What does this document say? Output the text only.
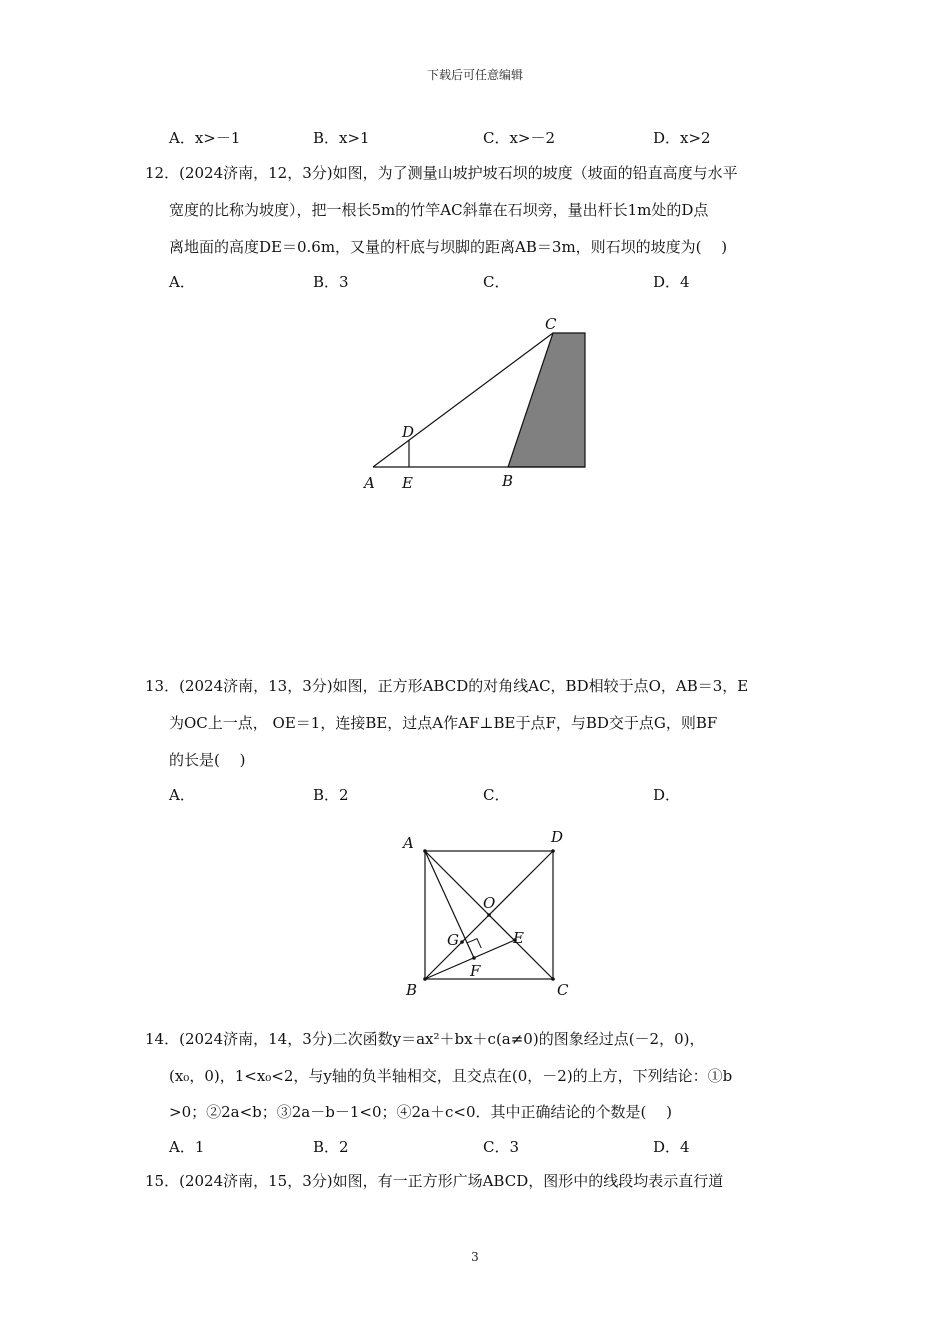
下载后可任意编辑
A．x>－1	B．x>1	C．x>－2	D．x>2
12．(2024济南，12，3分)如图，为了测量山坡护坡石坝的坡度（坡面的铅直高度与水平
宽度的比称为坡度），把一根长5m的竹竿AC斜靠在石坝旁，量出杆长1m处的D点
离地面的高度DE＝0.6m，又量的杆底与坝脚的距离AB＝3m，则石坝的坡度为(　 )
A．	B．3	C．	D．4
C
D
A E	B
13．(2024济南，13，3分)如图，正方形ABCD的对角线AC，BD相较于点O，AB＝3，E
为OC上一点， OE＝1，连接BE，过点A作AF⊥BE于点F，与BD交于点G，则BF
的长是(　 )
A．	B．2	C．	D．
A	D
B	C
O
G	E
F
14．(2024济南，14，3分)二次函数y＝ax²＋bx＋c(a≠0)的图象经过点(－2，0)，
(x₀，0)，1<x₀<2，与y轴的负半轴相交，且交点在(0，－2)的上方，下列结论：①b
>0；②2a<b；③2a－b－1<0；④2a＋c<0．其中正确结论的个数是(　 )
A．1	B．2	C．3	D．4
15．(2024济南，15，3分)如图，有一正方形广场ABCD，图形中的线段均表示直行道
3
